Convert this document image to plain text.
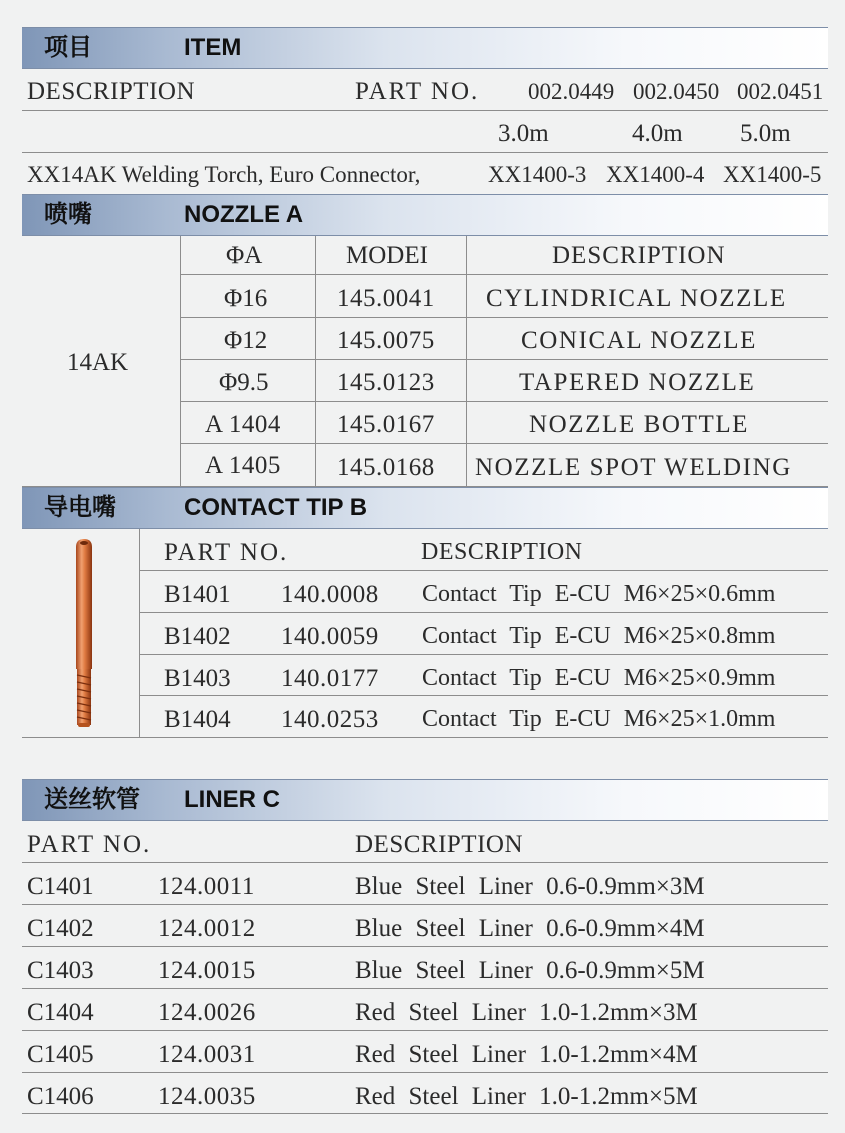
项目	ITEM
DESCRIPTION	PART NO. 002.0449 002.0450 002.0451
3.0m	4.0m 5.0m
XX14AK Welding Torch, Euro Connector,	XX1400-3 XX1400-4 XX1400-5
喷嘴	NOZZLE A
14AK
ΦA	MODEI	DESCRIPTION
Φ16	145.0041 CYLINDRICAL NOZZLE
Φ12	145.0075	CONICAL NOZZLE
Φ9.5	145.0123	TAPERED NOZZLE
A 1404 145.0167	NOZZLE BOTTLE
A 1405 145.0168 NOZZLE SPOT WELDING
导电嘴	CONTACT TIP B
PART NO.	DESCRIPTION
B1401 140.0008 Contact Tip E-CU M6×25×0.6mm
B1402 140.0059 Contact Tip E-CU M6×25×0.8mm
B1403 140.0177 Contact Tip E-CU M6×25×0.9mm
B1404 140.0253 Contact Tip E-CU M6×25×1.0mm
送丝软管 LINER C
PART NO.	DESCRIPTION
C1401	124.0011	Blue Steel Liner 0.6-0.9mm×3M
C1402	124.0012	Blue Steel Liner 0.6-0.9mm×4M
C1403	124.0015	Blue Steel Liner 0.6-0.9mm×5M
C1404	124.0026	Red Steel Liner 1.0-1.2mm×3M
C1405	124.0031	Red Steel Liner 1.0-1.2mm×4M
C1406	124.0035	Red Steel Liner 1.0-1.2mm×5M
